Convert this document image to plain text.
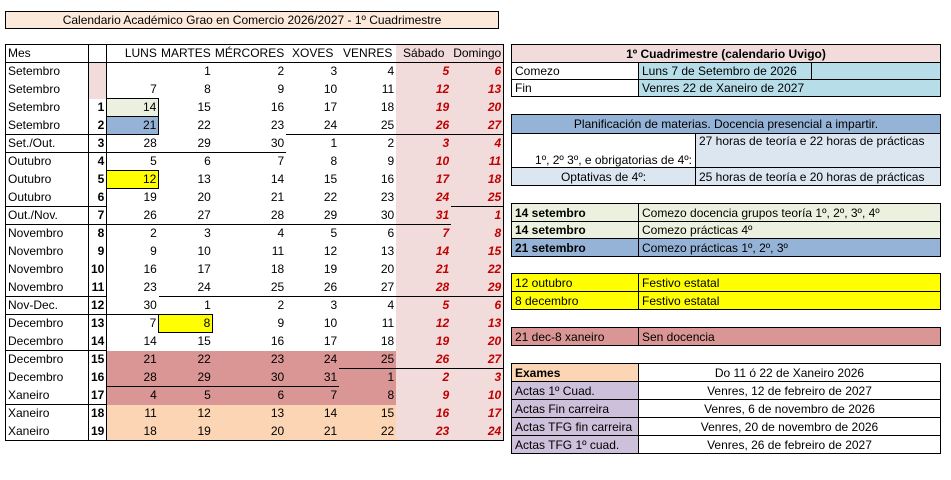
Calendario Académico Grao en Comercio 2026/2027 - 1º Cuadrimestre
Mes		LUNS	MARTES	MÉRCORES	XOVES	VENRES	Sábado	Domingo
Setembro			1	2	3	4	5	6
Setembro		7	8	9	10	11	12	13
Setembro	1	14	15	16	17	18	19	20
Setembro	2	21	22	23	24	25	26	27
Set./Out.	3	28	29	30	1	2	3	4
Outubro	4	5	6	7	8	9	10	11
Outubro	5	12	13	14	15	16	17	18
Outubro	6	19	20	21	22	23	24	25
Out./Nov.	7	26	27	28	29	30	31	1
Novembro	8	2	3	4	5	6	7	8
Novembro	9	9	10	11	12	13	14	15
Novembro	10	16	17	18	19	20	21	22
Novembro	11	23	24	25	26	27	28	29
Nov-Dec.	12	30	1	2	3	4	5	6
Decembro	13	7	8	9	10	11	12	13
Decembro	14	14	15	16	17	18	19	20
Decembro	15	21	22	23	24	25	26	27
Decembro	16	28	29	30	31	1	2	3
Xaneiro	17	4	5	6	7	8	9	10
Xaneiro	18	11	12	13	14	15	16	17
Xaneiro	19	18	19	20	21	22	23	24
1º Cuadrimestre (calendario Uvigo)		
Comezo	Luns 7 de Setembro de 2026	
Fin	Venres 22 de Xaneiro de 2027	
Planificación de materias. Docencia presencial a impartir.	
1º, 2º 3º, e obrigatorias de 4º:	27 horas de teoría e 22 horas de prácticas
Optativas de 4º:	25 horas de teoría e 20 horas de prácticas
14 setembro	Comezo docencia grupos teoría 1º, 2º, 3º, 4º
14 setembro	Comezo prácticas 4º
21 setembro	Comezo prácticas 1º, 2º, 3º
12 outubro	Festivo estatal
8 decembro	Festivo estatal
21 dec-8 xaneiro	Sen docencia
Exames	Do 11 ó 22 de Xaneiro 2026
Actas 1º Cuad.	Venres, 12 de febreiro de 2027
Actas Fin carreira	Venres, 6 de novembro de 2026
Actas TFG fin carreira	Venres, 20 de novembro de 2026
Actas TFG 1º cuad.	Venres, 26 de febreiro de 2027
